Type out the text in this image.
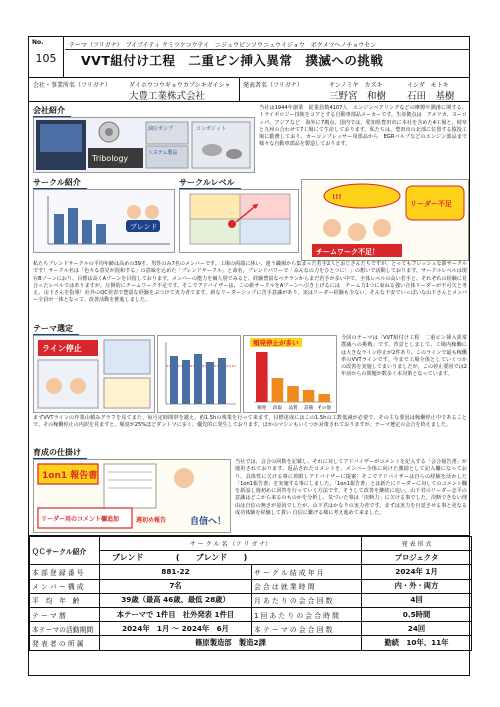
No.
105
テーマ（フリガナ）　ブイブイティ クミツケコウテイ　ニジュウピンソウニュウイジョウ　ボクメツヘノチョウセン
VVT組付け工程　二重ピン挿入異常　撲滅への挑戦
会社・事業所名（フリガナ）	ダイホウコウギョウカブシキガイシャ
大豊工業株式会社
発表者名（フリガナ）	サンノミヤ　カズキ
三野宮　和樹
イシダ　モトキ
石田　基樹
会社紹介
Tribology
油圧ポンプ
システム製品
コンポジット
当社は1944年創業　従業員数4107人　エンジンベアリングなどの摩擦や潤滑に関する、トライボロジー技術をコアとする自動車部品メーカーです。生産拠点は　アメリカ、ヨーロッパ、アジアなど　海外に7拠点、国内では、愛知県豊田市に本社を含めた4工場と、岐阜と九州の合わせて7工場にて生産しております。私たちは、豊田市の北部に位置する猿投工場に勤務しており、カーコンプレッサー用部品から　EGRバルブなどのエンジン部品まで様々な自動車部品を製造しております。
サークル紹介	サークルレベル
ブレンド
!!!
リーダー不足
チームワーク不足！
私たちブレンドサークルの平均年齢は高めの39才、男性のみ7名のメンバーです。工場の両端に休い、違う職場から集まった若手2人とおじさんたちですが、とってもフレッシュな新サークルです！サークル名は「色々な意見が混和する」の意味を込めた「ブレンドサークル」と命名。ブレンドパワーで「みんなの力をひとつに！」の想いで活動しております。サークルレベルは現在Bゾーンにおり、目標は高くAゾーンを目指しております。メンバーの能力を個人別でみると、経験豊富なベテランからまだ若手が多い中で、全体レベルの高い若手と、それぞれの経験に見合ったレベルではありますが、圧倒的にチームワーク不足です。そこでアドバイザーは、この新サークルをAゾーンへ引き上げるには　チーム力1つに束ねる強い合体リーダーが不可欠と考え、山下さんを指導！社外のQC発表で豊富な経験をぶつけて実力者てます。新なリーダーシップに苦手意識があり、実はリーダー経験も少ない。そんな不安でいっぱいな山下さんとメンバー全員が一体となって、改善活動を推進しました。
テーマ選定
ライン停止
頻発停止が多い
頻発 段取 品質 設備 その他
今回のテーマは「VVT組付け工程　二重ピン挿入異常　撲滅への挑戦」です。背景としまして、工場内稼働には大きなライン停止が2件あり、このラインで最も稼働率のVVTラインです。今まで工場全体としていくつかの改善を実施してまいりましたが、この停止要因では2年前からの問題が数多く未対策となっています。
まずVVTラインの作業山積みグラフを見てまた、毎月定時間帯を越え、約1.5hの残業を行って来ます。目標達成にはこの1.5hの工数低減が必要で、その主な要因は稼働停止中であることで、その稼働停止の内訳を見ますと、頻度が25%ほどダントツに多く、優先的に発生しております。ほかのマシンもいくつか対策されておりますが、テーマ選定の会合を終えました。
育成の仕掛け
1on1 報告書
リーダー用のコメント欄追加	週初め報告	自信へ！
当社では、会合の回数を記載し、それに対してアドバイザーがコメントを記入する「会合報告書」が運用されております。返品されたコメントを、メンバー全体に向けた激励として記入欄になっており、具体性に欠ける事に着眼しアドバイザーに提案！そこでアドバイザーは自らの経験を活かした「1on1報告書」を実施する事にしました。「1on1報告書」とは新たにリーダーに対してのコメント欄を新設し週初めに回答を行っていく方法です。そうして改善を継続に追い、山下君のリーダー志平の意識はどこから来るのものかを分析し、気づいた事は「決断力」に欠ける事でした。決断できない理由は自信の無さが原因でしたが、山下君はかなりの実力者です。まずは実力を自覚させる事と更なる成功体験を経験して貰い 自信に繋げる様に考え進めて来ました。
ＱＣサークル紹介	サ ー ク ル 名 （フ リ ガ ナ）		発 表 形 式
	ブレンド ( ブレンド )		プロジェクタ
本 部 登 録 番 号	881-22	サ ー ク ル 結 成 年 月	2024年 1月
メ ン バ ー 構 成	7名	会 合 は 就 業 時 間	内・外・両方
平　均　年　齢	39歳（最高 46歳、最低 28歳）	月 あ た り の 会 合 回 数	4回
テ ー マ 暦	本テーマで 1件目　社外発表 1件目	1 回 あ た り の 会 合 時 間	0.5時間
本テーマの活動期間	2024年　1月 ～ 2024年　6月	本 テ ー マ の 会 合 回 数	24回
発 表 者 の 所 属	篠原製造部　製造2課		勤続　10年、11年
